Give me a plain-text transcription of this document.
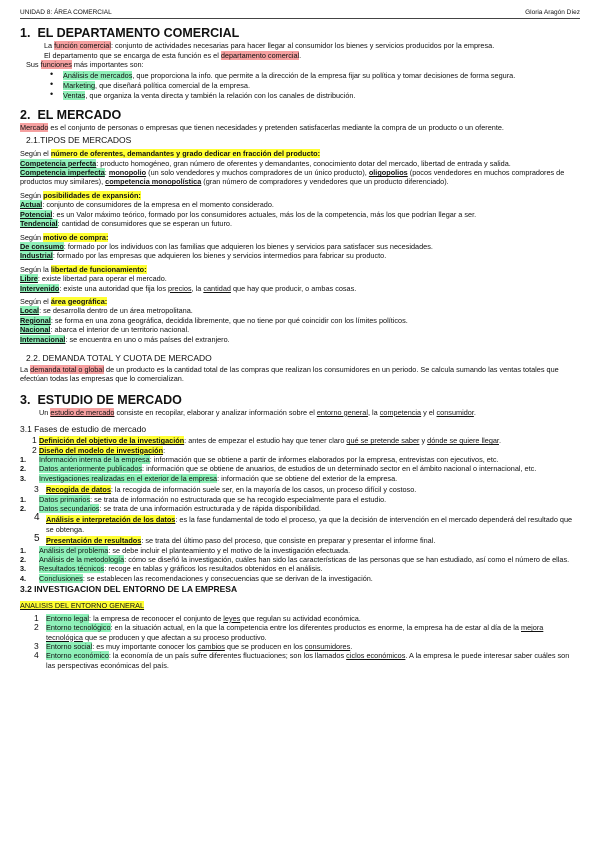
UNIDAD 8: ÁREA COMERCIAL	Gloria Aragón Díez
1. EL DEPARTAMENTO COMERCIAL

La función comercial: conjunto de actividades necesarias para hacer llegar al consumidor los bienes y servicios producidos por la empresa.

El departamento que se encarga de esta función es el departamento comercial.

Sus funciones más importantes son:

• Análisis de mercados, que proporciona la info. que permite a la dirección de la empresa fijar su política y tomar decisiones de forma segura.
• Marketing, que diseñará política comercial de la empresa.
• Ventas, que organiza la venta directa y también la relación con los canales de distribución.
2. EL MERCADO

Mercado es el conjunto de personas o empresas que tienen necesidades y pretenden satisfacerlas mediante la compra de un producto o un oferente.

2.1.TIPOS DE MERCADOS

Según el número de oferentes, demandantes y grado dedicar en fracción del producto:

Competencia perfecta: producto homogéneo, gran número de oferentes y demandantes, conocimiento dotar del mercado, libertad de entrada y salida.

Competencia imperfecta: monopolio (un solo vendedores y muchos compradores de un único producto), oligopolios (pocos vendedores en muchos compradores de productos muy similares), competencia monopolística (gran número de compradores y vendedores que un producto diferenciado).

Según posibilidades de expansión:

Actual: conjunto de consumidores de la empresa en el momento considerado.

Potencial: es un Valor máximo teórico, formado por los consumidores actuales, más los de la competencia, más los que podrían llegar a ser.

Tendencial: cantidad de consumidores que se esperan un futuro.

Según motivo de compra:

De consumo: formado por los individuos con las familias que adquieren los bienes y servicios para satisfacer sus necesidades.

Industrial: formado por las empresas que adquieren los bienes y servicios intermedios para fabricar su producto.

Según la libertad de funcionamiento:

Libre: existe libertad para operar el mercado.

Intervenido: existe una autoridad que fija los precios, la cantidad que hay que producir, o ambas cosas.

Según el área geográfica:

Local: se desarrolla dentro de un área metropolitana.

Regional: se forma en una zona geográfica, decidida libremente, que no tiene por qué coincidir con los límites políticos.

Nacional: abarca el interior de un territorio nacional.

Internacional: se encuentra en uno o más países del extranjero.

2.2. DEMANDA TOTAL Y CUOTA DE MERCADO

La demanda total o global de un producto es la cantidad total de las compras que realizan los consumidores en un periodo. Se calcula sumando las ventas totales que efectúan todas las empresas que lo comercializan.

3. ESTUDIO DE MERCADO

Un estudio de mercado consiste en recopilar, elaborar y analizar información sobre el entorno general, la competencia y el consumidor.

3.1 Fases de estudio de mercado
1 Definición del objetivo de la investigación: antes de empezar el estudio hay que tener claro qué se pretende saber y dónde se quiere llegar.
2 Diseño del modelo de investigación:
1. Información interna de la empresa: información que se obtiene a partir de informes elaborados por la empresa, entrevistas con ejecutivos, etc.
2. Datos anteriormente publicados: información que se obtiene de anuarios, de estudios de un determinado sector en el ámbito nacional o internacional, etc.
3. Investigaciones realizadas en el exterior de la empresa: información que se obtiene del exterior de la empresa.
3 Recogida de datos: la recogida de información suele ser, en la mayoría de los casos, un proceso difícil y costoso.
1. Datos primarios: se trata de información no estructurada que se ha recogido especialmente para el estudio.
2. Datos secundarios: se trata de una información estructurada y de rápida disponibilidad.
4 Análisis e interpretación de los datos: es la fase fundamental de todo el proceso, ya que la decisión de intervención en el mercado dependerá del resultado que se obtenga.
5 Presentación de resultados: se trata del último paso del proceso, que consiste en preparar y presentar el informe final.
1. Análisis del problema: se debe incluir el planteamiento y el motivo de la investigación efectuada.
2. Análisis de la metodología: cómo se diseñó la investigación, cuáles han sido las características de las personas que se han estudiado, así como el número de ellas.
3. Resultados técnicos: recoge en tablas y gráficos los resultados obtenidos en el análisis.
4. Conclusiones: se establecen las recomendaciones y consecuencias que se derivan de la investigación.
3.2 INVESTIGACION DEL ENTORNO DE LA EMPRESA

ANALISIS DEL ENTORNO GENERAL

1 Entorno legal: la empresa de reconocer el conjunto de leyes que regulan su actividad económica.
2 Entorno tecnológico: en la situación actual, en la que la competencia entre los diferentes productos es enorme, la empresa ha de estar al día de la mejora tecnológica que se producen y que afectan a su proceso productivo.
3 Entorno social: es muy importante conocer los cambios que se producen en los consumidores.
4 Entorno económico: la economía de un país sufre diferentes fluctuaciones; son los llamados ciclos económicos. A la empresa le puede interesar saber cuáles son las perspectivas económicas del país.
